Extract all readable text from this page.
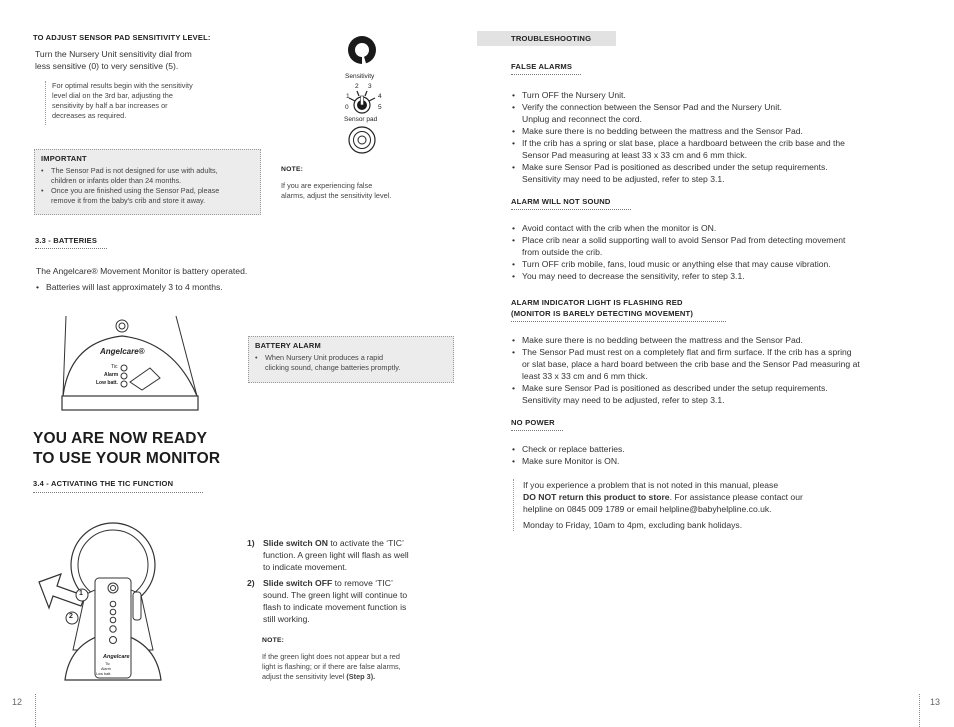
TO ADJUST SENSOR PAD SENSITIVITY LEVEL:
Turn the Nursery Unit sensitivity dial from
less sensitive (0) to very sensitive (5).
For optimal results begin with the sensitivity
level dial on the 3rd bar, adjusting the
sensitivity by half a bar increases or
decreases as required.
Sensitivity
2 3
1	4
0	5
Sensor pad
IMPORTANT
• The Sensor Pad is not designed for use with adults,
children or infants older than 24 months.
• Once you are finished using the Sensor Pad, please
remove it from the baby's crib and store it away.
NOTE:
If you are experiencing false
alarms, adjust the sensitivity level.
3.3 - BATTERIES
The Angelcare® Movement Monitor is battery operated.
• Batteries will last approximately 3 to 4 months.
Angelcare®
Tic
Alarm
Low batt.
BATTERY ALARM
• When Nursery Unit produces a rapid
clicking sound, change batteries promptly.
YOU ARE NOW READY
TO USE YOUR MONITOR
3.4 - ACTIVATING THE TIC FUNCTION
1
2
Angelcare
Tic
Alarm
Low batt.
1) Slide switch ON to activate the ‘TIC’
function. A green light will flash as well
to indicate movement.
2) Slide switch OFF to remove ‘TIC’
sound. The green light will continue to
flash to indicate movement function is
still working.
NOTE:
If the green light does not appear but a red
light is flashing; or if there are false alarms,
adjust the sensitivity level (Step 3).
12
TROUBLESHOOTING
FALSE ALARMS
• Turn OFF the Nursery Unit.
• Verify the connection between the Sensor Pad and the Nursery Unit.
Unplug and reconnect the cord.
• Make sure there is no bedding between the mattress and the Sensor Pad.
• If the crib has a spring or slat base, place a hardboard between the crib base and the
Sensor Pad measuring at least 33 x 33 cm and 6 mm thick.
• Make sure Sensor Pad is positioned as described under the setup requirements.
Sensitivity may need to be adjusted, refer to step 3.1.
ALARM WILL NOT SOUND
• Avoid contact with the crib when the monitor is ON.
• Place crib near a solid supporting wall to avoid Sensor Pad from detecting movement
from outside the crib.
• Turn OFF crib mobile, fans, loud music or anything else that may cause vibration.
• You may need to decrease the sensitivity, refer to step 3.1.
ALARM INDICATOR LIGHT IS FLASHING RED
(MONITOR IS BARELY DETECTING MOVEMENT)
• Make sure there is no bedding between the mattress and the Sensor Pad.
• The Sensor Pad must rest on a completely flat and firm surface. If the crib has a spring
or slat base, place a hard board between the crib base and the Sensor Pad measuring at
least 33 x 33 cm and 6 mm thick.
• Make sure Sensor Pad is positioned as described under the setup requirements.
Sensitivity may need to be adjusted, refer to step 3.1.
NO POWER
• Check or replace batteries.
• Make sure Monitor is ON.
If you experience a problem that is not noted in this manual, please
DO NOT return this product to store. For assistance please contact our
helpline on 0845 009 1789 or email helpline@babyhelpline.co.uk.
Monday to Friday, 10am to 4pm, excluding bank holidays.
13
